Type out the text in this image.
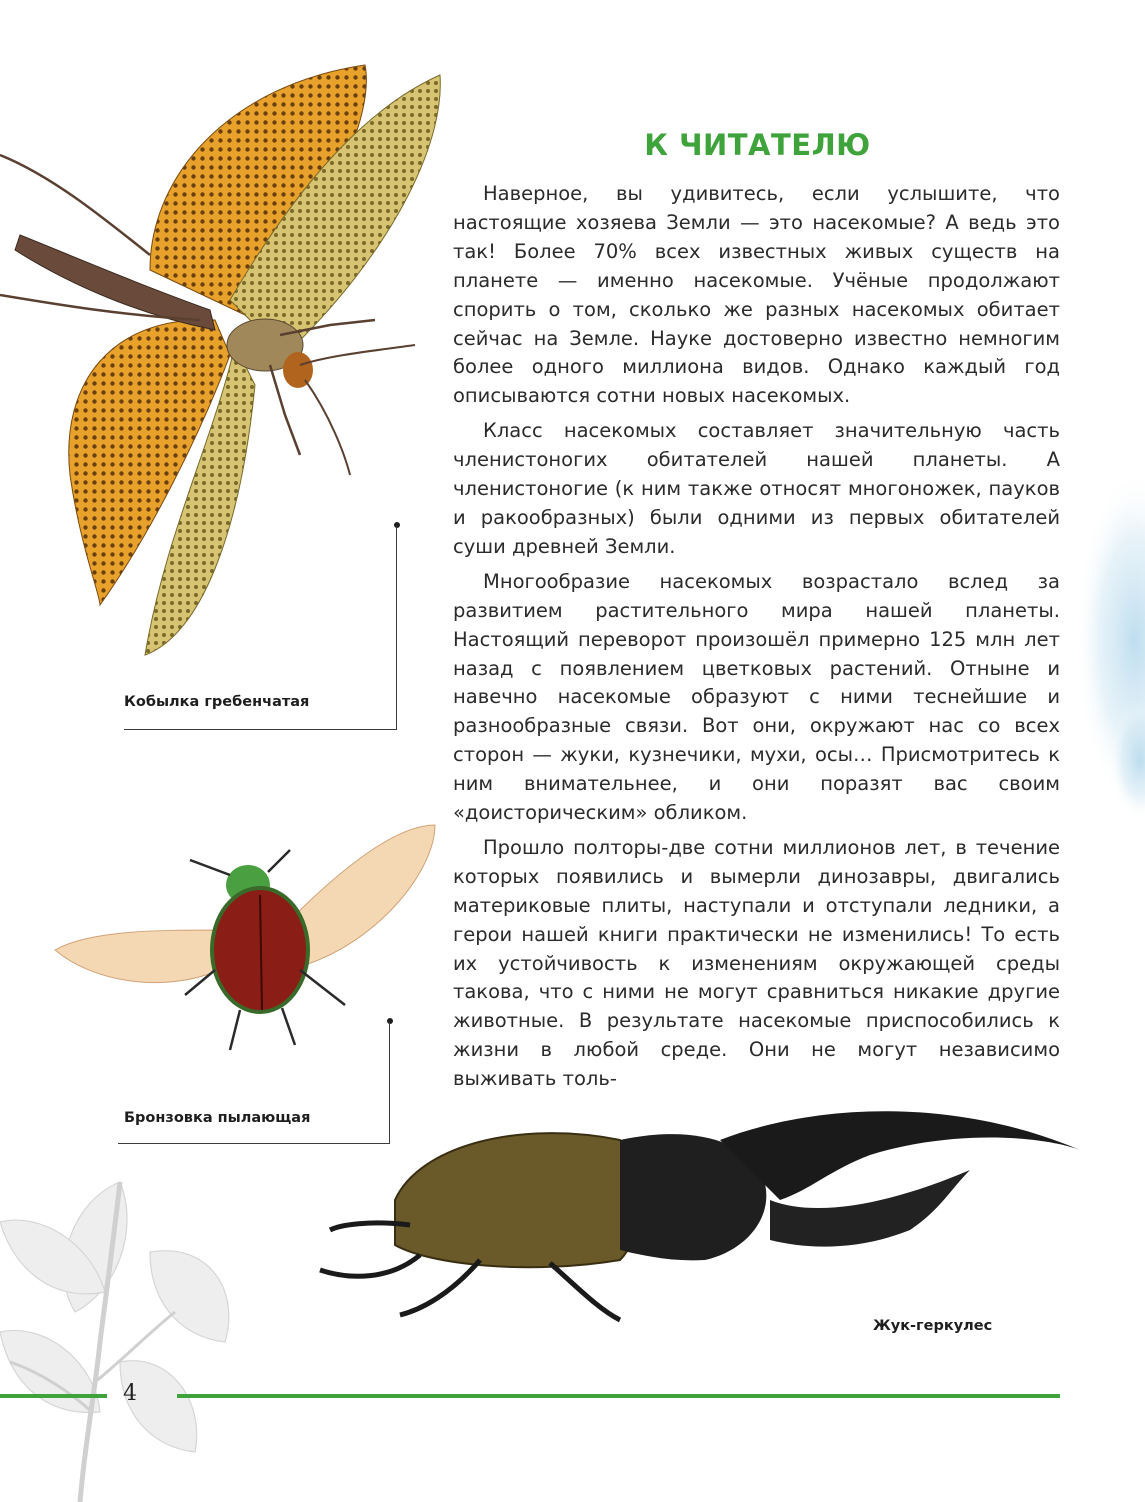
Кобылка гребенчатая
Бронзовка пылающая
Жук-геркулес
К ЧИТАТЕЛЮ

Наверное, вы удивитесь, если услышите, что настоящие хозяева Земли — это насекомые? А ведь это так! Более 70% всех известных живых существ на планете — именно насекомые. Учёные продолжают спорить о том, сколько же разных насекомых обитает сейчас на Земле. Науке достоверно известно немногим более одного миллиона видов. Однако каждый год описываются сотни новых насекомых.

Класс насекомых составляет значительную часть членистоногих обитателей нашей планеты. А членистоногие (к ним также относят многоножек, пауков и ракообразных) были одними из первых обитателей суши древней Земли.

Многообразие насекомых возрастало вслед за развитием растительного мира нашей планеты. Настоящий переворот произошёл примерно 125 млн лет назад с появлением цветковых растений. Отныне и навечно насекомые образуют с ними теснейшие и разнообразные связи. Вот они, окружают нас со всех сторон — жуки, кузнечики, мухи, осы… Присмотритесь к ним внимательнее, и они поразят вас своим «доисторическим» обликом.

Прошло полторы-две сотни миллионов лет, в течение которых появились и вымерли динозавры, двигались материковые плиты, наступали и отступали ледники, а герои нашей книги практически не изменились! То есть их устойчивость к изменениям окружающей среды такова, что с ними не могут сравниться никакие другие животные. В результате насекомые приспособились к жизни в любой среде. Они не могут независимо выживать толь-

4
